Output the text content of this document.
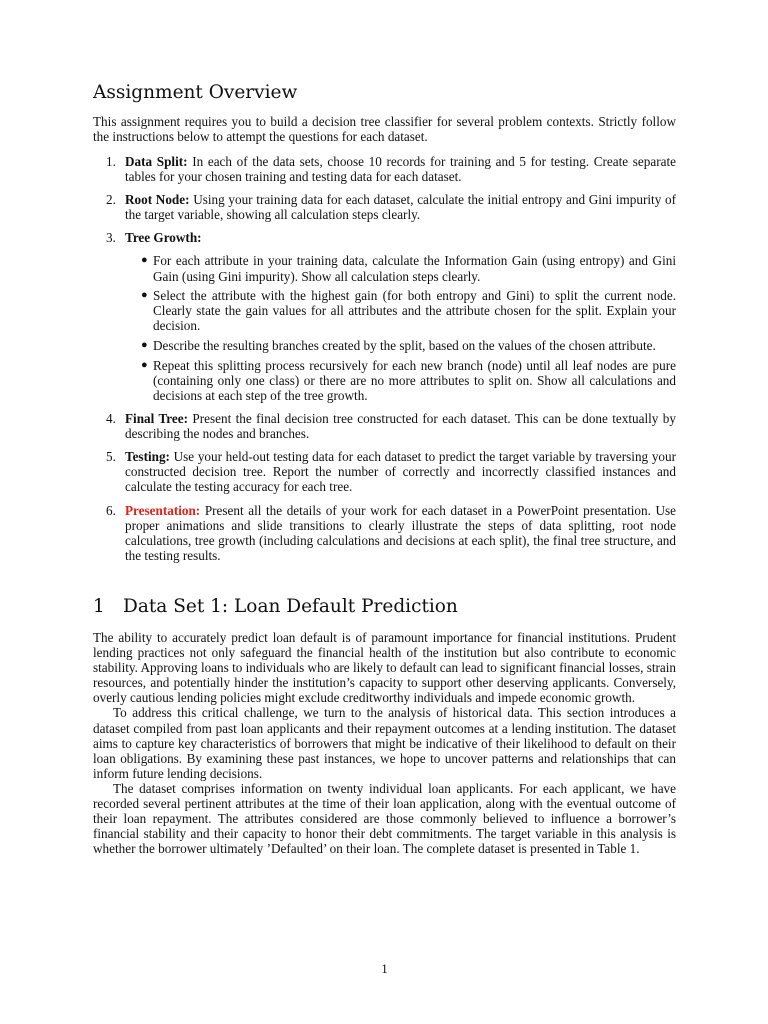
Assignment Overview

This assignment requires you to build a decision tree classifier for several problem contexts. Strictly follow the instructions below to attempt the questions for each dataset.

1. Data Split: In each of the data sets, choose 10 records for training and 5 for testing. Create separate tables for your chosen training and testing data for each dataset.
2. Root Node: Using your training data for each dataset, calculate the initial entropy and Gini impurity of the target variable, showing all calculation steps clearly.
3. Tree Growth:
● For each attribute in your training data, calculate the Information Gain (using entropy) and Gini Gain (using Gini impurity). Show all calculation steps clearly.
● Select the attribute with the highest gain (for both entropy and Gini) to split the current node. Clearly state the gain values for all attributes and the attribute chosen for the split. Explain your decision.
● Describe the resulting branches created by the split, based on the values of the chosen attribute.
● Repeat this splitting process recursively for each new branch (node) until all leaf nodes are pure (containing only one class) or there are no more attributes to split on. Show all calculations and decisions at each step of the tree growth.
4. Final Tree: Present the final decision tree constructed for each dataset. This can be done textually by describing the nodes and branches.
5. Testing: Use your held-out testing data for each dataset to predict the target variable by traversing your constructed decision tree. Report the number of correctly and incorrectly classified instances and calculate the testing accuracy for each tree.
6. Presentation: Present all the details of your work for each dataset in a PowerPoint presentation. Use proper animations and slide transitions to clearly illustrate the steps of data splitting, root node calculations, tree growth (including calculations and decisions at each split), the final tree structure, and the testing results.
1 Data Set 1: Loan Default Prediction

The ability to accurately predict loan default is of paramount importance for financial institutions. Prudent lending practices not only safeguard the financial health of the institution but also contribute to economic stability. Approving loans to individuals who are likely to default can lead to significant financial losses, strain resources, and potentially hinder the institution’s capacity to support other deserving applicants. Conversely, overly cautious lending policies might exclude creditworthy individuals and impede economic growth.

To address this critical challenge, we turn to the analysis of historical data. This section introduces a dataset compiled from past loan applicants and their repayment outcomes at a lending institution. The dataset aims to capture key characteristics of borrowers that might be indicative of their likelihood to default on their loan obligations. By examining these past instances, we hope to uncover patterns and relationships that can inform future lending decisions.

The dataset comprises information on twenty individual loan applicants. For each applicant, we have recorded several pertinent attributes at the time of their loan application, along with the eventual outcome of their loan repayment. The attributes considered are those commonly believed to influence a borrower’s financial stability and their capacity to honor their debt commitments. The target variable in this analysis is whether the borrower ultimately ’Defaulted’ on their loan. The complete dataset is presented in Table 1.

1
